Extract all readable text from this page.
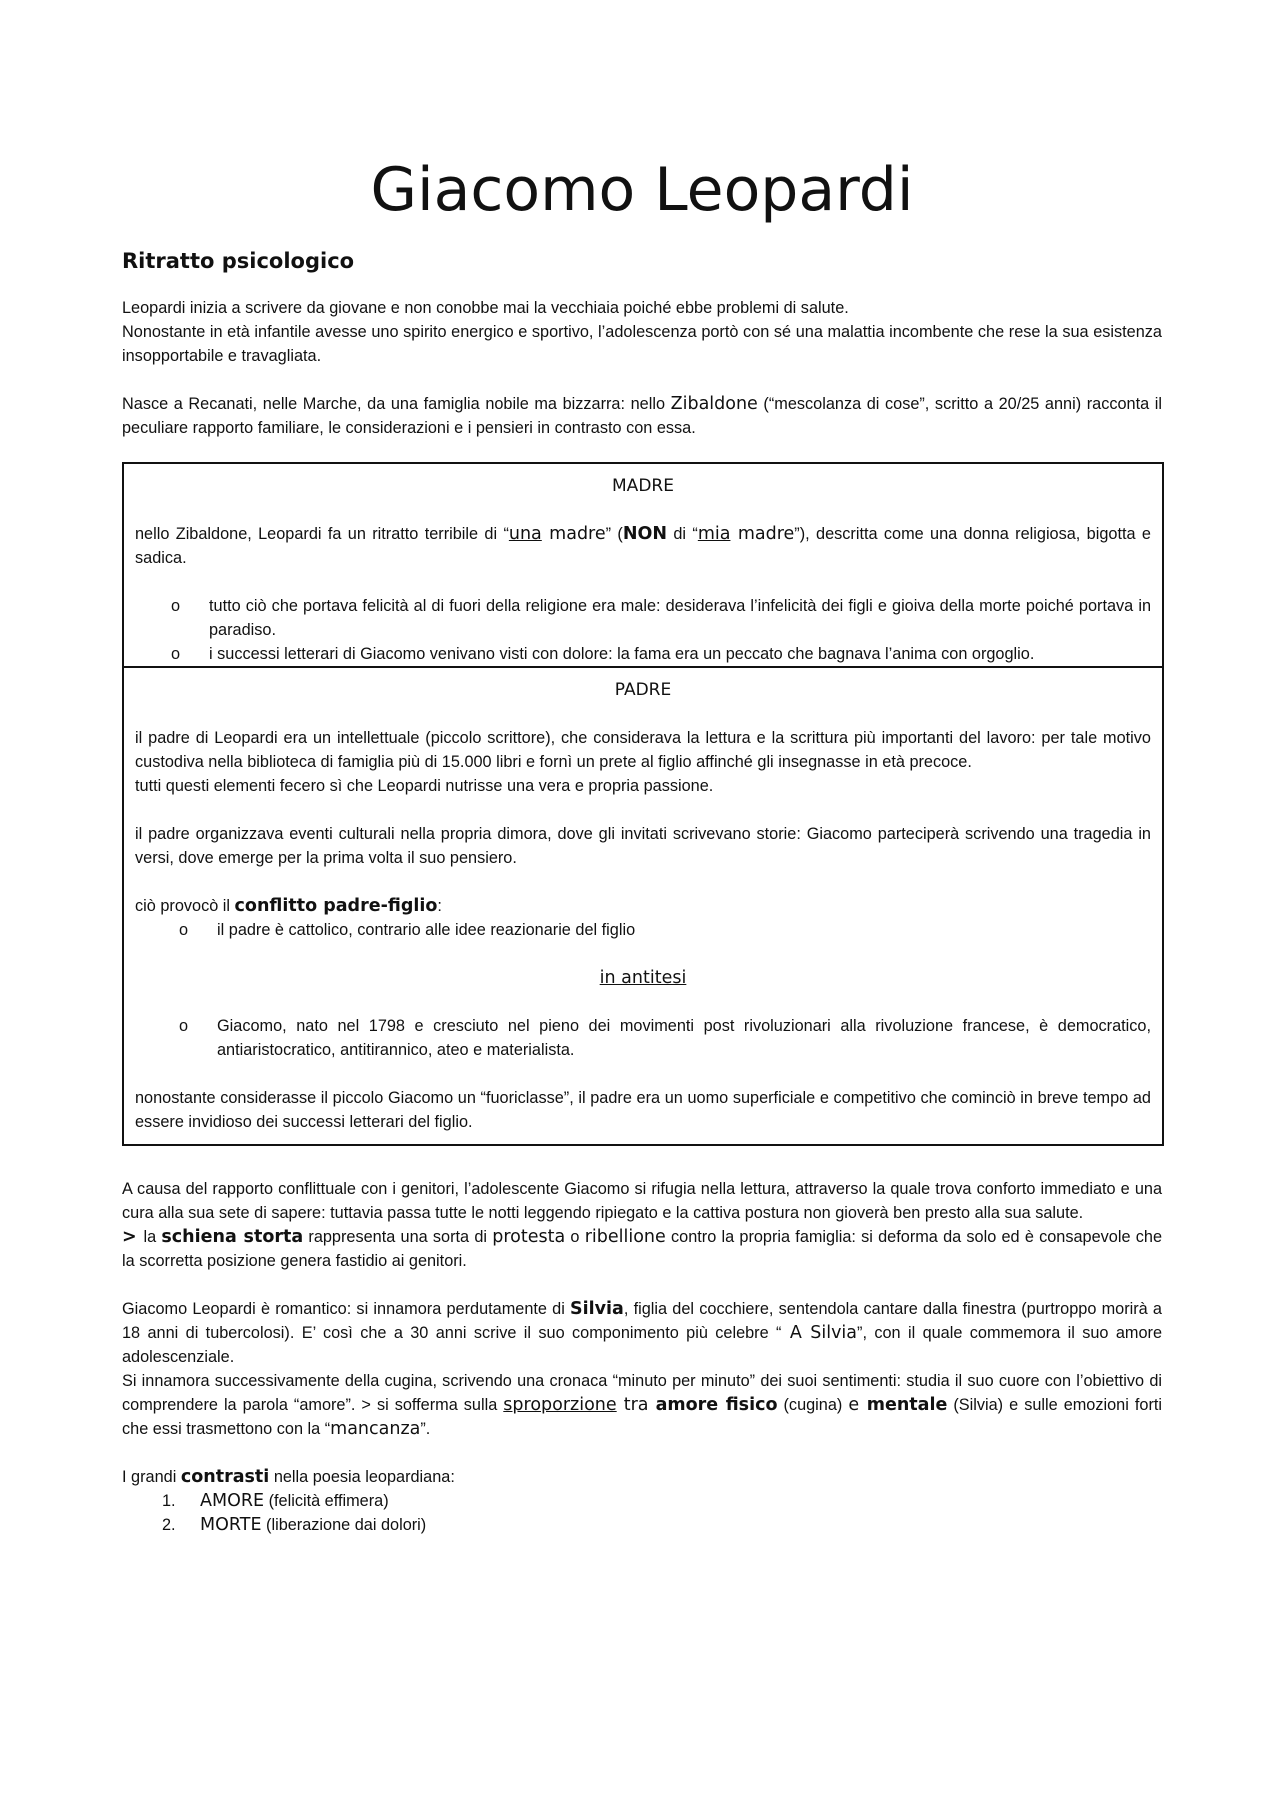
Giacomo Leopardi
Ritratto psicologico

Leopardi inizia a scrivere da giovane e non conobbe mai la vecchiaia poiché ebbe problemi di salute.
Nonostante in età infantile avesse uno spirito energico e sportivo, l’adolescenza portò con sé una malattia incombente che rese la sua esistenza insopportabile e travagliata.

Nasce a Recanati, nelle Marche, da una famiglia nobile ma bizzarra: nello Zibaldone (“mescolanza di cose”, scritto a 20/25 anni) racconta il peculiare rapporto familiare, le considerazioni e i pensieri in contrasto con essa.

MADRE

nello Zibaldone, Leopardi fa un ritratto terribile di “una madre” (NON di “mia madre”), descritta come una donna religiosa, bigotta e sadica.

o	tutto ciò che portava felicità al di fuori della religione era male: desiderava l’infelicità dei figli e gioiva della morte poiché portava in paradiso.
o	i successi letterari di Giacomo venivano visti con dolore: la fama era un peccato che bagnava l’anima con orgoglio.

PADRE

il padre di Leopardi era un intellettuale (piccolo scrittore), che considerava la lettura e la scrittura più importanti del lavoro: per tale motivo custodiva nella biblioteca di famiglia più di 15.000 libri e fornì un prete al figlio affinché gli insegnasse in età precoce.
tutti questi elementi fecero sì che Leopardi nutrisse una vera e propria passione.

il padre organizzava eventi culturali nella propria dimora, dove gli invitati scrivevano storie: Giacomo parteciperà scrivendo una tragedia in versi, dove emerge per la prima volta il suo pensiero.

ciò provocò il conflitto padre-figlio:

o	il padre è cattolico, contrario alle idee reazionarie del figlio

in antitesi

o	Giacomo, nato nel 1798 e cresciuto nel pieno dei movimenti post rivoluzionari alla rivoluzione francese, è democratico, antiaristocratico, antitirannico, ateo e materialista.

nonostante considerasse il piccolo Giacomo un “fuoriclasse”, il padre era un uomo superficiale e competitivo che cominciò in breve tempo ad essere invidioso dei successi letterari del figlio.

A causa del rapporto conflittuale con i genitori, l’adolescente Giacomo si rifugia nella lettura, attraverso la quale trova conforto immediato e una cura alla sua sete di sapere: tuttavia passa tutte le notti leggendo ripiegato e la cattiva postura non gioverà ben presto alla sua salute.

> la schiena storta rappresenta una sorta di protesta o ribellione contro la propria famiglia: si deforma da solo ed è consapevole che la scorretta posizione genera fastidio ai genitori.

Giacomo Leopardi è romantico: si innamora perdutamente di Silvia, figlia del cocchiere, sentendola cantare dalla finestra (purtroppo morirà a 18 anni di tubercolosi). E’ così che a 30 anni scrive il suo componimento più celebre “ A Silvia”, con il quale commemora il suo amore adolescenziale.

Si innamora successivamente della cugina, scrivendo una cronaca “minuto per minuto” dei suoi sentimenti: studia il suo cuore con l’obiettivo di comprendere la parola “amore”. > si sofferma sulla sproporzione tra amore fisico (cugina) e mentale (Silvia) e sulle emozioni forti che essi trasmettono con la “mancanza”.

I grandi contrasti nella poesia leopardiana:

1.	AMORE (felicità effimera)
2.	MORTE (liberazione dai dolori)
